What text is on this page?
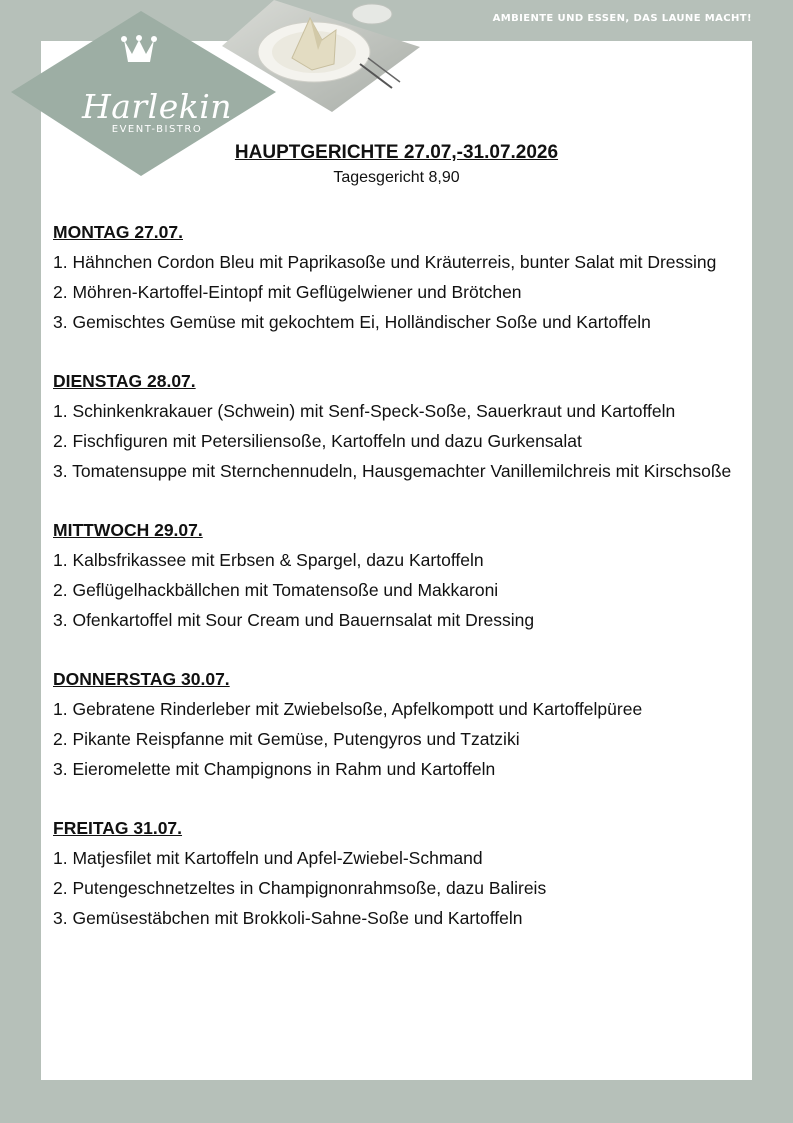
AMBIENTE UND ESSEN, DAS LAUNE MACHT!
Harlekin
EVENT-BISTRO
HAUPTGERICHTE 27.07,-31.07.2026
Tagesgericht 8,90
MONTAG 27.07.
1. Hähnchen Cordon Bleu mit Paprikasoße und Kräuterreis, bunter Salat mit Dressing
2. Möhren-Kartoffel-Eintopf mit Geflügelwiener und Brötchen
3. Gemischtes Gemüse mit gekochtem Ei, Holländischer Soße und Kartoffeln
DIENSTAG 28.07.
1. Schinkenkrakauer (Schwein) mit Senf-Speck-Soße, Sauerkraut und Kartoffeln
2. Fischfiguren mit Petersiliensoße, Kartoffeln und dazu Gurkensalat
3. Tomatensuppe mit Sternchennudeln, Hausgemachter Vanillemilchreis mit Kirschsoße
MITTWOCH 29.07.
1. Kalbsfrikassee mit Erbsen & Spargel, dazu Kartoffeln
2. Geflügelhackbällchen mit Tomatensoße und Makkaroni
3. Ofenkartoffel mit Sour Cream und Bauernsalat mit Dressing
DONNERSTAG 30.07.
1. Gebratene Rinderleber mit Zwiebelsoße, Apfelkompott und Kartoffelpüree
2. Pikante Reispfanne mit Gemüse, Putengyros und Tzatziki
3. Eieromelette mit Champignons in Rahm und Kartoffeln
FREITAG 31.07.
1. Matjesfilet mit Kartoffeln und Apfel-Zwiebel-Schmand
2. Putengeschnetzeltes in Champignonrahmsoße, dazu Balireis
3. Gemüsestäbchen mit Brokkoli-Sahne-Soße und Kartoffeln
